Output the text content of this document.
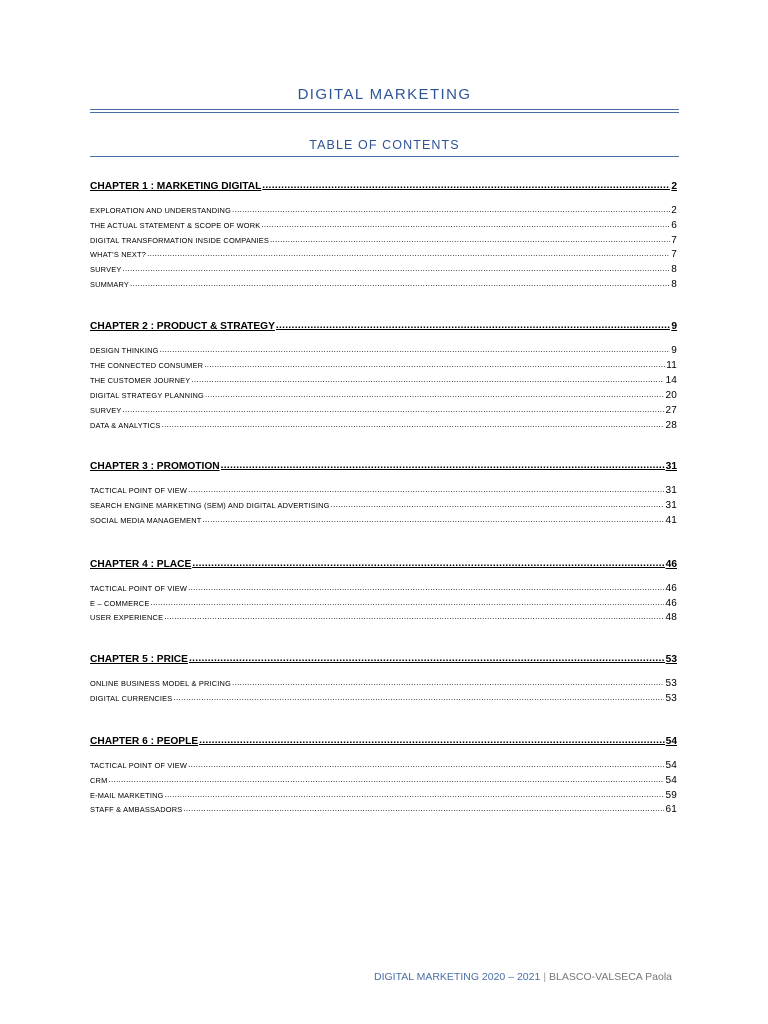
DIGITAL MARKETING
TABLE OF CONTENTS
CHAPTER 1 : MARKETING DIGITAL .....	2
EXPLORATION AND UNDERSTANDING .....	2
THE ACTUAL STATEMENT & SCOPE OF WORK .....	6
DIGITAL TRANSFORMATION INSIDE COMPANIES .....	7
WHAT’S NEXT? .....	7
SURVEY .....	8
SUMMARY .....	8
CHAPTER 2 : PRODUCT & STRATEGY .....	9
DESIGN THINKING .....	9
THE CONNECTED CONSUMER .....	11
THE CUSTOMER JOURNEY .....	14
DIGITAL STRATEGY PLANNING .....	20
SURVEY .....	27
DATA & ANALYTICS .....	28
CHAPTER 3 : PROMOTION .....	31
TACTICAL POINT OF VIEW .....	31
SEARCH ENGINE MARKETING (SEM) AND DIGITAL ADVERTISING .....	31
SOCIAL MEDIA MANAGEMENT .....	41
CHAPTER 4 : PLACE .....	46
TACTICAL POINT OF VIEW .....	46
E – COMMERCE .....	46
USER EXPERIENCE .....	48
CHAPTER 5 : PRICE .....	53
ONLINE BUSINESS MODEL & PRICING .....	53
DIGITAL CURRENCIES .....	53
CHAPTER 6 : PEOPLE .....	54
TACTICAL POINT OF VIEW .....	54
CRM .....	54
E-MAIL MARKETING .....	59
STAFF & AMBASSADORS .....	61
DIGITAL MARKETING 2020 – 2021 | BLASCO-VALSECA Paola
